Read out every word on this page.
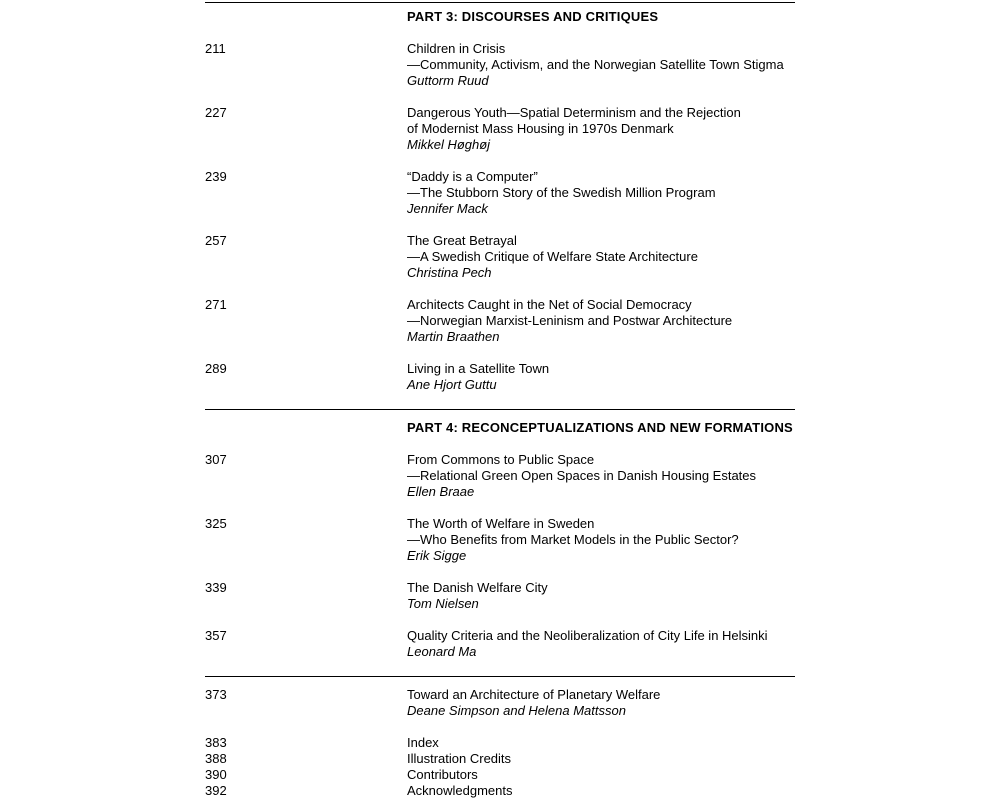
PART 3: DISCOURSES AND CRITIQUES
211	Children in Crisis
—Community, Activism, and the Norwegian Satellite Town Stigma
Guttorm Ruud
227	Dangerous Youth—Spatial Determinism and the Rejection
of Modernist Mass Housing in 1970s Denmark
Mikkel Høghøj
239	“Daddy is a Computer”
—The Stubborn Story of the Swedish Million Program
Jennifer Mack
257	The Great Betrayal
—A Swedish Critique of Welfare State Architecture
Christina Pech
271	Architects Caught in the Net of Social Democracy
—Norwegian Marxist-Leninism and Postwar Architecture
Martin Braathen
289	Living in a Satellite Town
Ane Hjort Guttu
PART 4: RECONCEPTUALIZATIONS AND NEW FORMATIONS
307	From Commons to Public Space
—Relational Green Open Spaces in Danish Housing Estates
Ellen Braae
325	The Worth of Welfare in Sweden
—Who Benefits from Market Models in the Public Sector?
Erik Sigge
339	The Danish Welfare City
Tom Nielsen
357	Quality Criteria and the Neoliberalization of City Life in Helsinki
Leonard Ma
373	Toward an Architecture of Planetary Welfare
Deane Simpson and Helena Mattsson
383	Index
388	Illustration Credits
390	Contributors
392	Acknowledgments
